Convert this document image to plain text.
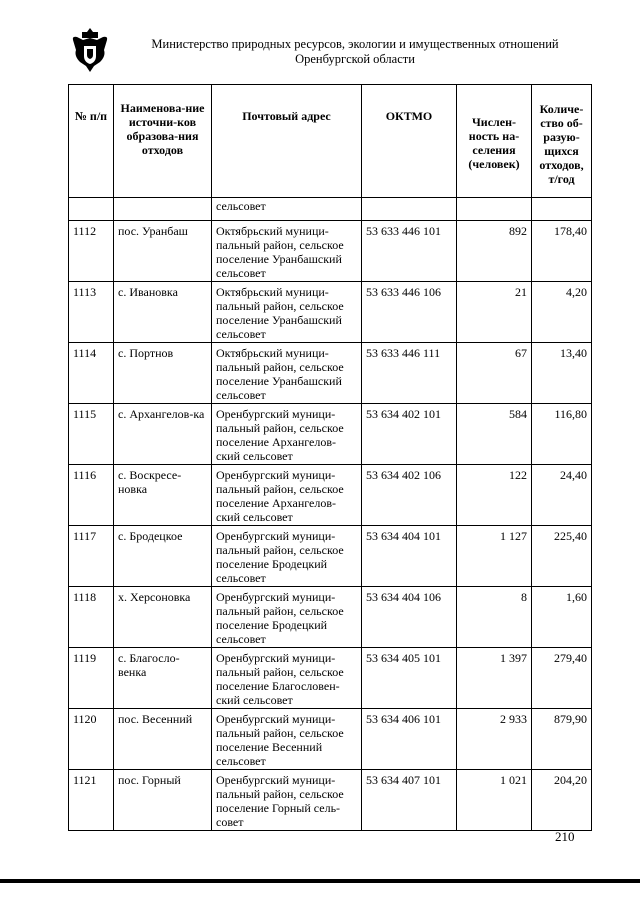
Министерство природных ресурсов, экологии и имущественных отношений
Оренбургской области
№ п/п	Наименова-ние источни-ков образова-ния отходов	Почтовый адрес	ОКТМО	Числен-ность на-селения (человек)	Количе-ство об-разую-щихся отходов, т/год
		сельсовет			
1112	пос. Уранбаш	Октябрьский муници-пальный район, сельское поселение Уранбашский сельсовет	53 633 446 101	892	178,40
1113	с. Ивановка	Октябрьский муници-пальный район, сельское поселение Уранбашский сельсовет	53 633 446 106	21	4,20
1114	с. Портнов	Октябрьский муници-пальный район, сельское поселение Уранбашский сельсовет	53 633 446 111	67	13,40
1115	с. Архангелов-ка	Оренбургский муници-пальный район, сельское поселение Архангелов-ский сельсовет	53 634 402 101	584	116,80
1116	с. Воскресе-новка	Оренбургский муници-пальный район, сельское поселение Архангелов-ский сельсовет	53 634 402 106	122	24,40
1117	с. Бродецкое	Оренбургский муници-пальный район, сельское поселение Бродецкий сельсовет	53 634 404 101	1 127	225,40
1118	х. Херсоновка	Оренбургский муници-пальный район, сельское поселение Бродецкий сельсовет	53 634 404 106	8	1,60
1119	с. Благосло-венка	Оренбургский муници-пальный район, сельское поселение Благословен-ский сельсовет	53 634 405 101	1 397	279,40
1120	пос. Весенний	Оренбургский муници-пальный район, сельское поселение Весенний сельсовет	53 634 406 101	2 933	879,90
1121	пос. Горный	Оренбургский муници-пальный район, сельское поселение Горный сель-совет	53 634 407 101	1 021	204,20
210
